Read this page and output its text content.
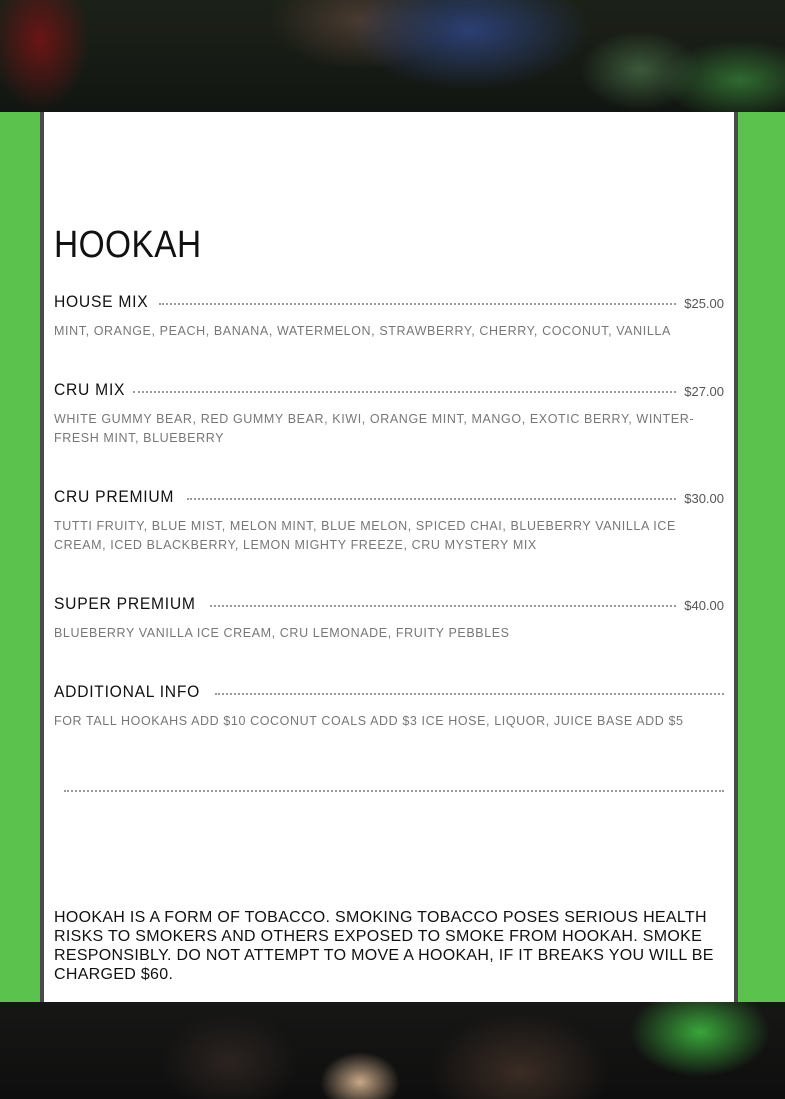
HOOKAH
HOUSE MIX	$25.00
MINT, ORANGE, PEACH, BANANA, WATERMELON, STRAWBERRY, CHERRY, COCONUT, VANILLA
CRU MIX	$27.00
WHITE GUMMY BEAR, RED GUMMY BEAR, KIWI, ORANGE MINT, MANGO, EXOTIC BERRY, WINTER-FRESH MINT, BLUEBERRY
CRU PREMIUM	$30.00
TUTTI FRUITY, BLUE MIST, MELON MINT, BLUE MELON, SPICED CHAI, BLUEBERRY VANILLA ICE CREAM, ICED BLACKBERRY, LEMON MIGHTY FREEZE, CRU MYSTERY MIX
SUPER PREMIUM	$40.00
BLUEBERRY VANILLA ICE CREAM, CRU LEMONADE, FRUITY PEBBLES
ADDITIONAL INFO
FOR TALL HOOKAHS ADD $10 COCONUT COALS ADD $3 ICE HOSE, LIQUOR, JUICE BASE ADD $5
HOOKAH IS A FORM OF TOBACCO. SMOKING TOBACCO POSES SERIOUS HEALTH RISKS TO SMOKERS AND OTHERS EXPOSED TO SMOKE FROM HOOKAH. SMOKE RESPONSIBLY. DO NOT ATTEMPT TO MOVE A HOOKAH, IF IT BREAKS YOU WILL BE CHARGED $60.
